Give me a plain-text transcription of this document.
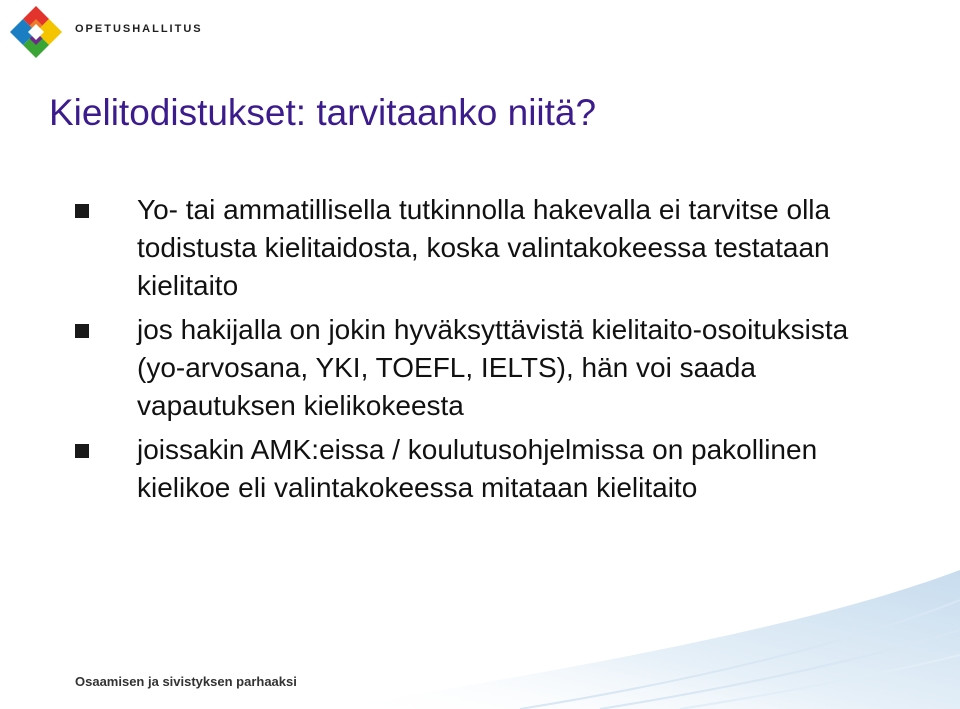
OPETUSHALLITUS
Kielitodistukset: tarvitaanko niitä?
Yo- tai ammatillisella tutkinnolla hakevalla ei tarvitse olla todistusta kielitaidosta, koska valintakokeessa testataan kielitaito
jos hakijalla on jokin hyväksyttävistä kielitaito-osoituksista (yo-arvosana, YKI, TOEFL, IELTS), hän voi saada vapautuksen kielikokeesta
joissakin AMK:eissa / koulutusohjelmissa on pakollinen kielikoe eli valintakokeessa mitataan kielitaito
Osaamisen ja sivistyksen parhaaksi
